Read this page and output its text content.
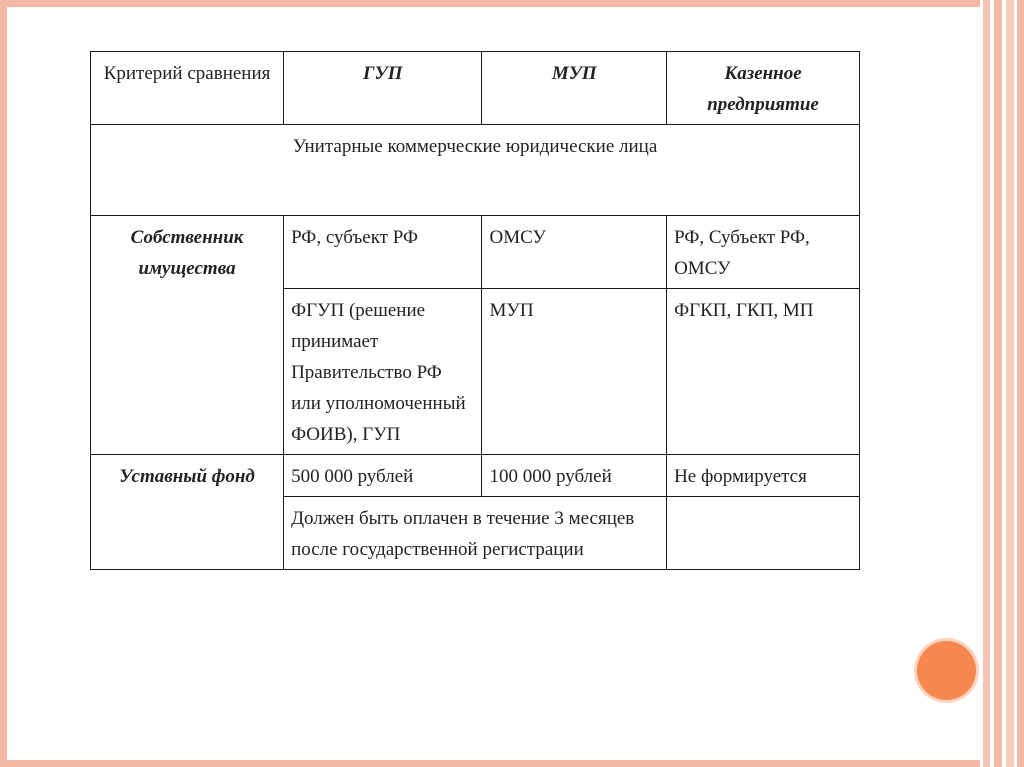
Критерий сравнения	ГУП	МУП	Казенное предприятие
Унитарные коммерческие юридические лица			
Собственник имущества	РФ, субъект РФ	ОМСУ	РФ, Субъект РФ, ОМСУ
	ФГУП (решение принимает Правительство РФ или уполномоченный ФОИВ), ГУП	МУП	ФГКП, ГКП, МП
Уставный фонд	500 000 рублей	100 000 рублей	Не формируется
	Должен быть оплачен в течение 3 месяцев после государственной регистрации		
